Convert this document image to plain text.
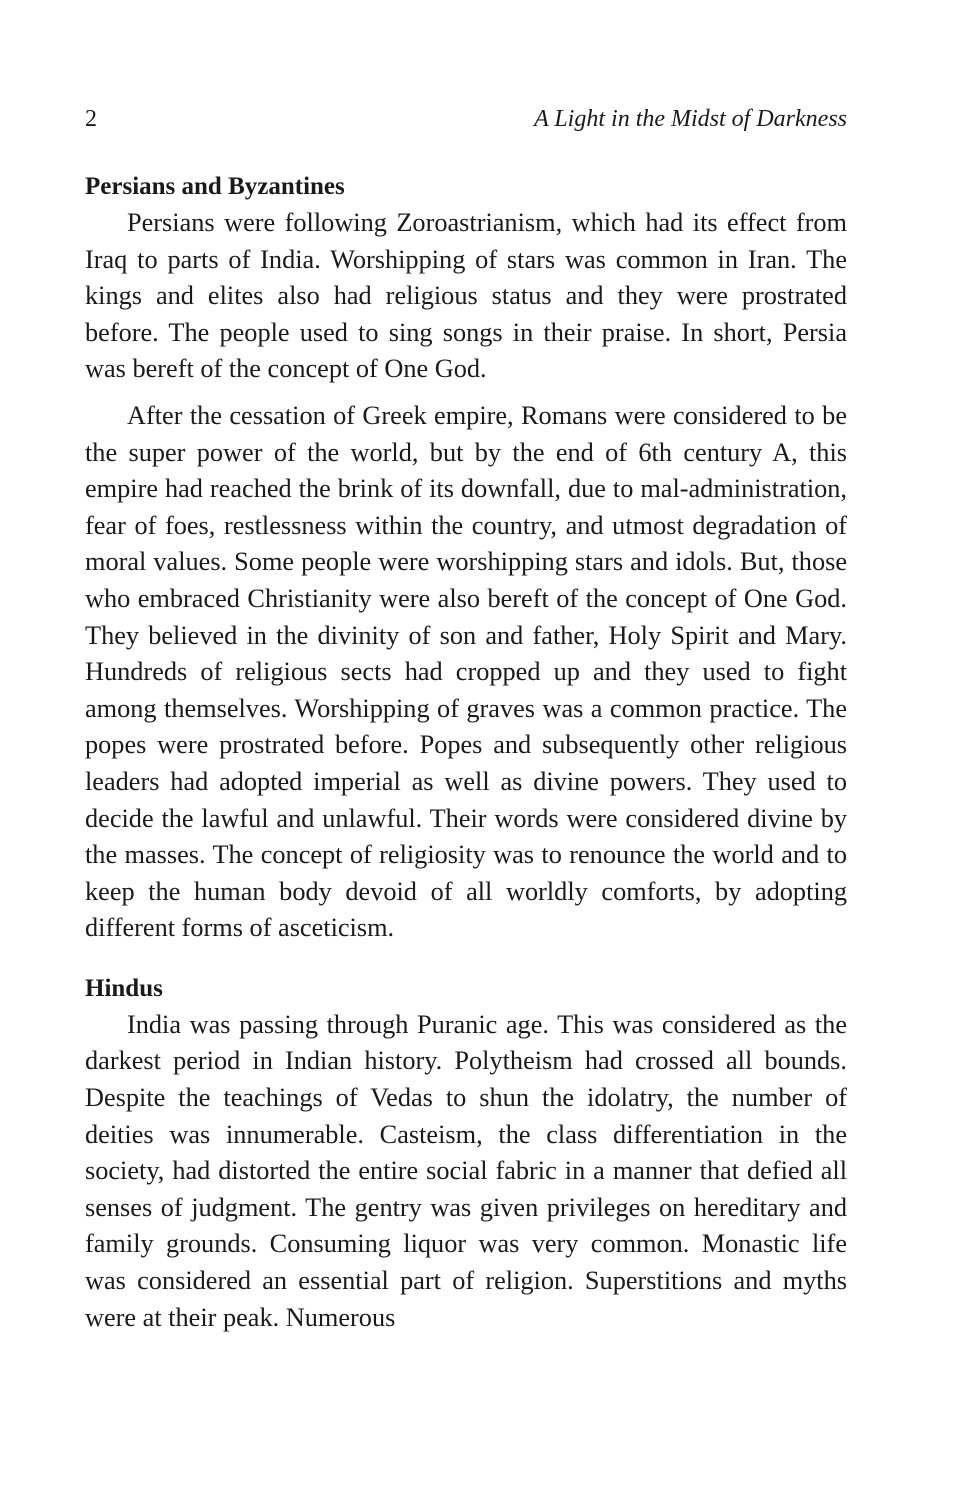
2	A Light in the Midst of Darkness
Persians and Byzantines

Persians were following Zoroastrianism, which had its effect from Iraq to parts of India. Worshipping of stars was common in Iran. The kings and elites also had religious status and they were prostrated before. The people used to sing songs in their praise. In short, Persia was bereft of the concept of One God.

After the cessation of Greek empire, Romans were considered to be the super power of the world, but by the end of 6th century A, this empire had reached the brink of its downfall, due to mal-administration, fear of foes, restlessness within the country, and utmost degradation of moral values. Some people were worshipping stars and idols. But, those who embraced Christianity were also bereft of the concept of One God. They believed in the divinity of son and father, Holy Spirit and Mary. Hundreds of religious sects had cropped up and they used to fight among themselves. Worshipping of graves was a common practice. The popes were prostrated before. Popes and subsequently other religious leaders had adopted imperial as well as divine powers. They used to decide the lawful and unlawful. Their words were considered divine by the masses. The concept of religiosity was to renounce the world and to keep the human body devoid of all worldly comforts, by adopting different forms of asceticism.

Hindus

India was passing through Puranic age. This was considered as the darkest period in Indian history. Polytheism had crossed all bounds. Despite the teachings of Vedas to shun the idolatry, the number of deities was innumerable. Casteism, the class differentiation in the society, had distorted the entire social fabric in a manner that defied all senses of judgment. The gentry was given privileges on hereditary and family grounds. Consuming liquor was very common. Monastic life was considered an essential part of religion. Superstitions and myths were at their peak. Numerous
